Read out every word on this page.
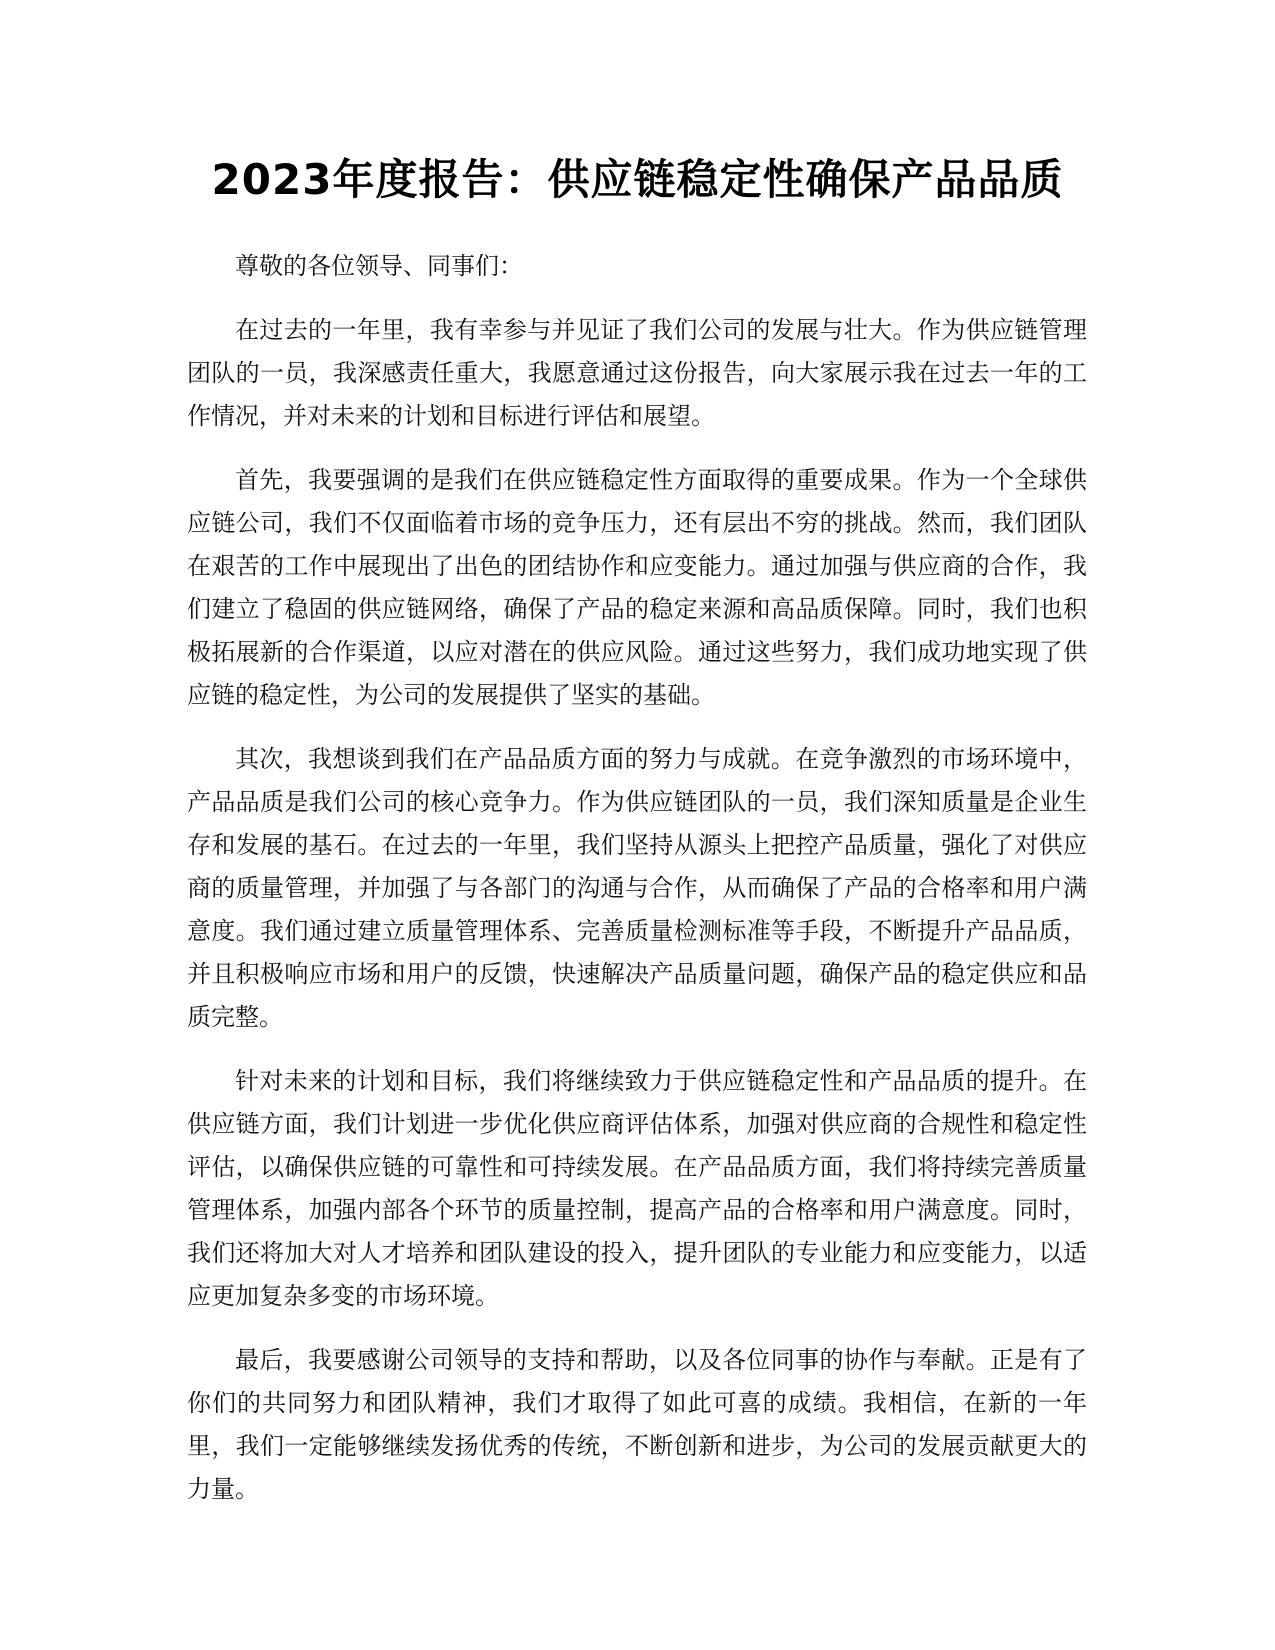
2023年度报告：供应链稳定性确保产品品质

尊敬的各位领导、同事们：

在过去的一年里，我有幸参与并见证了我们公司的发展与壮大。作为供应链管理团队的一员，我深感责任重大，我愿意通过这份报告，向大家展示我在过去一年的工作情况，并对未来的计划和目标进行评估和展望。

首先，我要强调的是我们在供应链稳定性方面取得的重要成果。作为一个全球供应链公司，我们不仅面临着市场的竞争压力，还有层出不穷的挑战。然而，我们团队在艰苦的工作中展现出了出色的团结协作和应变能力。通过加强与供应商的合作，我们建立了稳固的供应链网络，确保了产品的稳定来源和高品质保障。同时，我们也积极拓展新的合作渠道，以应对潜在的供应风险。通过这些努力，我们成功地实现了供应链的稳定性，为公司的发展提供了坚实的基础。

其次，我想谈到我们在产品品质方面的努力与成就。在竞争激烈的市场环境中，产品品质是我们公司的核心竞争力。作为供应链团队的一员，我们深知质量是企业生存和发展的基石。在过去的一年里，我们坚持从源头上把控产品质量，强化了对供应商的质量管理，并加强了与各部门的沟通与合作，从而确保了产品的合格率和用户满意度。我们通过建立质量管理体系、完善质量检测标准等手段，不断提升产品品质，并且积极响应市场和用户的反馈，快速解决产品质量问题，确保产品的稳定供应和品质完整。

针对未来的计划和目标，我们将继续致力于供应链稳定性和产品品质的提升。在供应链方面，我们计划进一步优化供应商评估体系，加强对供应商的合规性和稳定性评估，以确保供应链的可靠性和可持续发展。在产品品质方面，我们将持续完善质量管理体系，加强内部各个环节的质量控制，提高产品的合格率和用户满意度。同时，我们还将加大对人才培养和团队建设的投入，提升团队的专业能力和应变能力，以适应更加复杂多变的市场环境。

最后，我要感谢公司领导的支持和帮助，以及各位同事的协作与奉献。正是有了你们的共同努力和团队精神，我们才取得了如此可喜的成绩。我相信，在新的一年里，我们一定能够继续发扬优秀的传统，不断创新和进步，为公司的发展贡献更大的力量。
